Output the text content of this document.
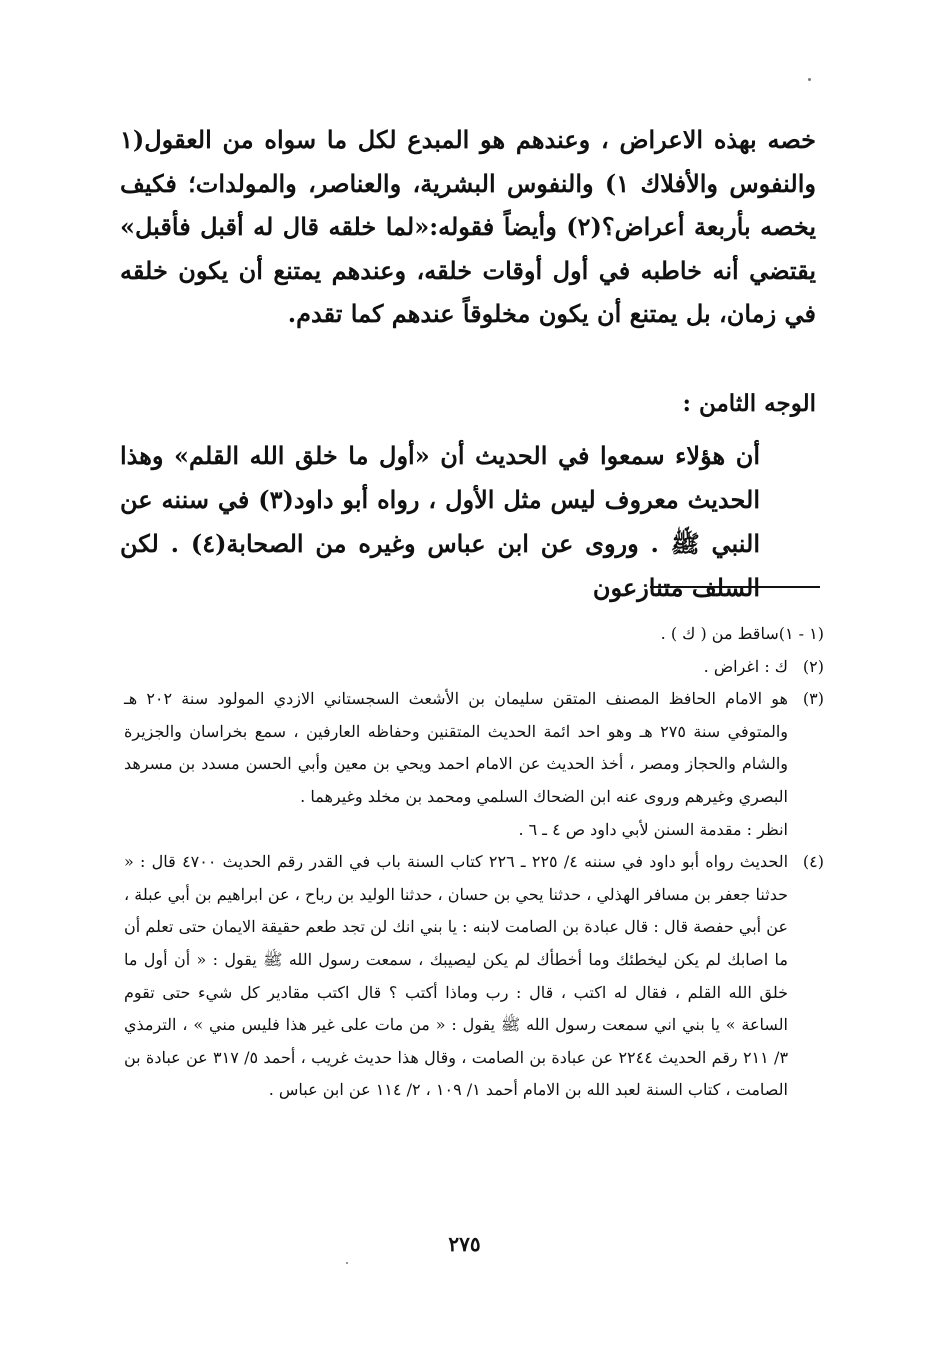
خصه بهذه الاعراض ، وعندهم هو المبدع لكل ما سواه من العقول(١ والنفوس والأفلاك ١) والنفوس البشرية، والعناصر، والمولدات؛ فكيف يخصه بأربعة أعراض؟(٢) وأيضاً فقوله:«لما خلقه قال له أقبل فأقبل» يقتضي أنه خاطبه في أول أوقات خلقه، وعندهم يمتنع أن يكون خلقه في زمان، بل يمتنع أن يكون مخلوقاً عندهم كما تقدم.

الوجه الثامن :

أن هؤلاء سمعوا في الحديث أن «أول ما خلق الله القلم» وهذا الحديث معروف ليس مثل الأول ، رواه أبو داود(٣) في سننه عن النبي ﷺ . وروى عن ابن عباس وغيره من الصحابة(٤) . لكن السلف متنازعون

(١ - ١)
ساقط من ( ك ) .
(٢)
ك : اغراض .
(٣)
هو الامام الحافظ المصنف المتقن سليمان بن الأشعث السجستاني الازدي المولود سنة ٢٠٢ هـ والمتوفي سنة ٢٧٥ هـ وهو احد ائمة الحديث المتقنين وحفاظه العارفين ، سمع بخراسان والجزيرة والشام والحجاز ومصر ، أخذ الحديث عن الامام احمد ويحي بن معين وأبي الحسن مسدد بن مسرهد البصري وغيرهم وروى عنه ابن الضحاك السلمي ومحمد بن مخلد وغيرهما .
انظر : مقدمة السنن لأبي داود ص ٤ ـ ٦ .
(٤)
الحديث رواه أبو داود في سننه ٤/ ٢٢٥ ـ ٢٢٦ كتاب السنة باب في القدر رقم الحديث ٤٧٠٠ قال : « حدثنا جعفر بن مسافر الهذلي ، حدثنا يحي بن حسان ، حدثنا الوليد بن رباح ، عن ابراهيم بن أبي عبلة ، عن أبي حفصة قال : قال عبادة بن الصامت لابنه : يا بني انك لن تجد طعم حقيقة الايمان حتى تعلم أن ما اصابك لم يكن ليخطئك وما أخطأك لم يكن ليصيبك ، سمعت رسول الله ﷺ يقول : « أن أول ما خلق الله القلم ، فقال له اكتب ، قال : رب وماذا أكتب ؟ قال اكتب مقادير كل شيء حتى تقوم الساعة » يا بني اني سمعت رسول الله ﷺ يقول : « من مات على غير هذا فليس مني » ، الترمذي ٣/ ٢١١ رقم الحديث ٢٢٤٤ عن عبادة بن الصامت ، وقال هذا حديث غريب ، أحمد ٥/ ٣١٧ عن عبادة بن الصامت ، كتاب السنة لعبد الله بن الامام أحمد ١/ ١٠٩ ، ٢/ ١١٤ عن ابن عباس .
٢٧٥
